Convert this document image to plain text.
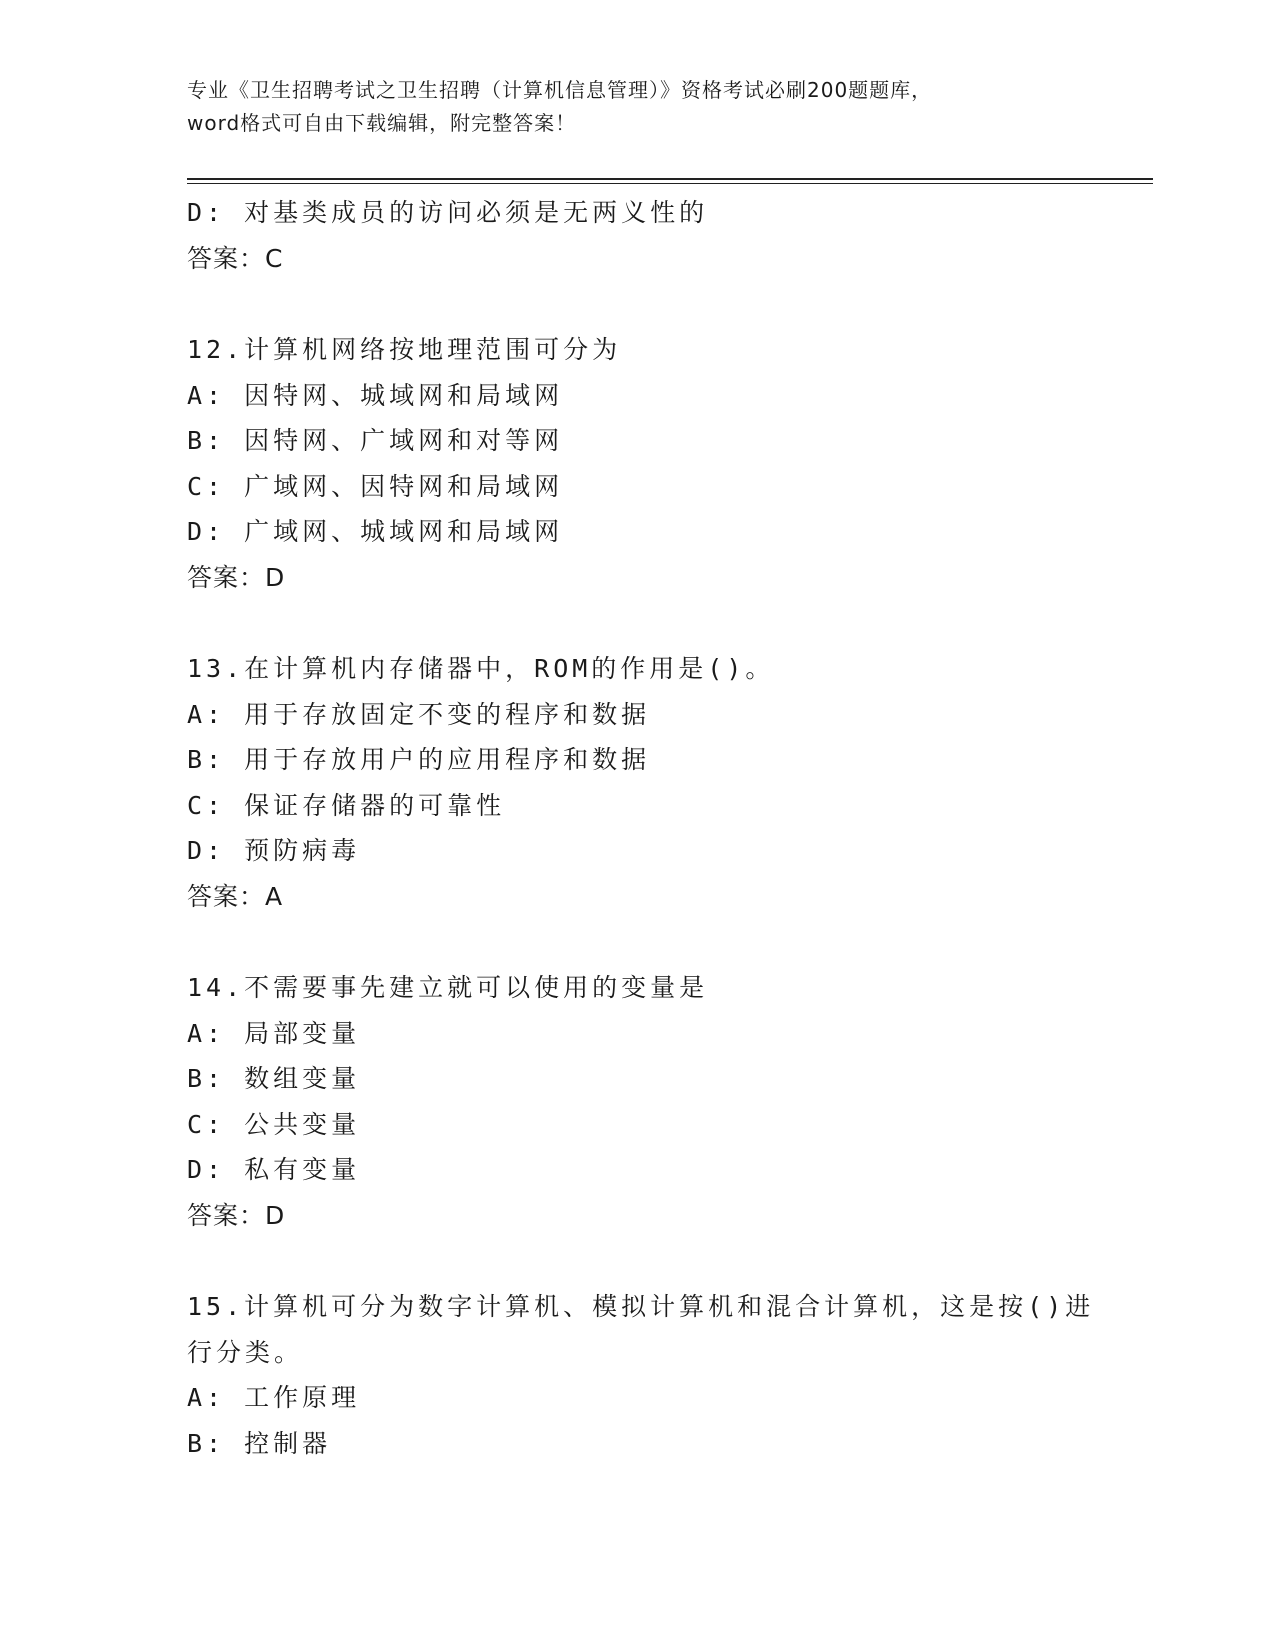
专业《卫生招聘考试之卫生招聘（计算机信息管理）》资格考试必刷200题题库，
word格式可自由下载编辑，附完整答案！
D: 对基类成员的访问必须是无两义性的
答案：C
12.计算机网络按地理范围可分为
A: 因特网、城域网和局域网
B: 因特网、广域网和对等网
C: 广域网、因特网和局域网
D: 广域网、城域网和局域网
答案：D
13.在计算机内存储器中，ROM的作用是()。
A: 用于存放固定不变的程序和数据
B: 用于存放用户的应用程序和数据
C: 保证存储器的可靠性
D: 预防病毒
答案：A
14.不需要事先建立就可以使用的变量是
A: 局部变量
B: 数组变量
C: 公共变量
D: 私有变量
答案：D
15.计算机可分为数字计算机、模拟计算机和混合计算机，这是按()进
行分类。
A: 工作原理
B: 控制器
